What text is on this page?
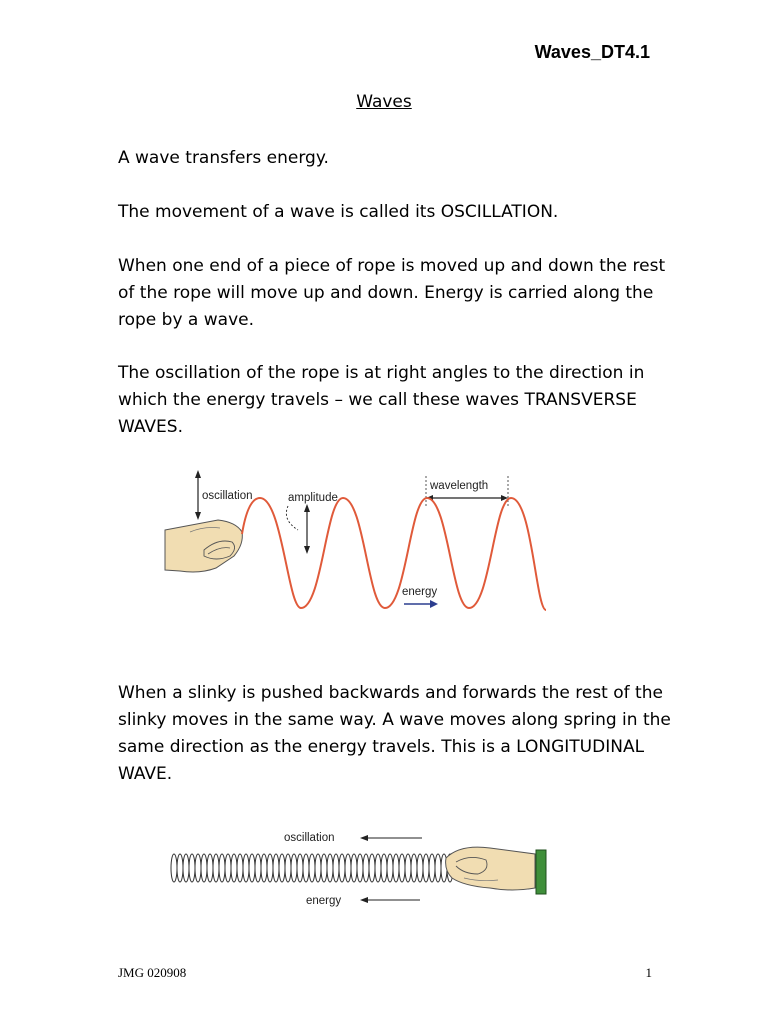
Waves_DT4.1
Waves

A wave transfers energy.

The movement of a wave is called its OSCILLATION.

When one end of a piece of rope is moved up and down the rest of the rope will move up and down. Energy is carried along the rope by a wave.

The oscillation of the rope is at right angles to the direction in which the energy travels – we call these waves TRANSVERSE WAVES.

oscillation	amplitude
wavelength
energy

When a slinky is pushed backwards and forwards the rest of the slinky moves in the same way. A wave moves along spring in the same direction as the energy travels. This is a LONGITUDINAL WAVE.

oscillation
energy
JMG 020908	1
